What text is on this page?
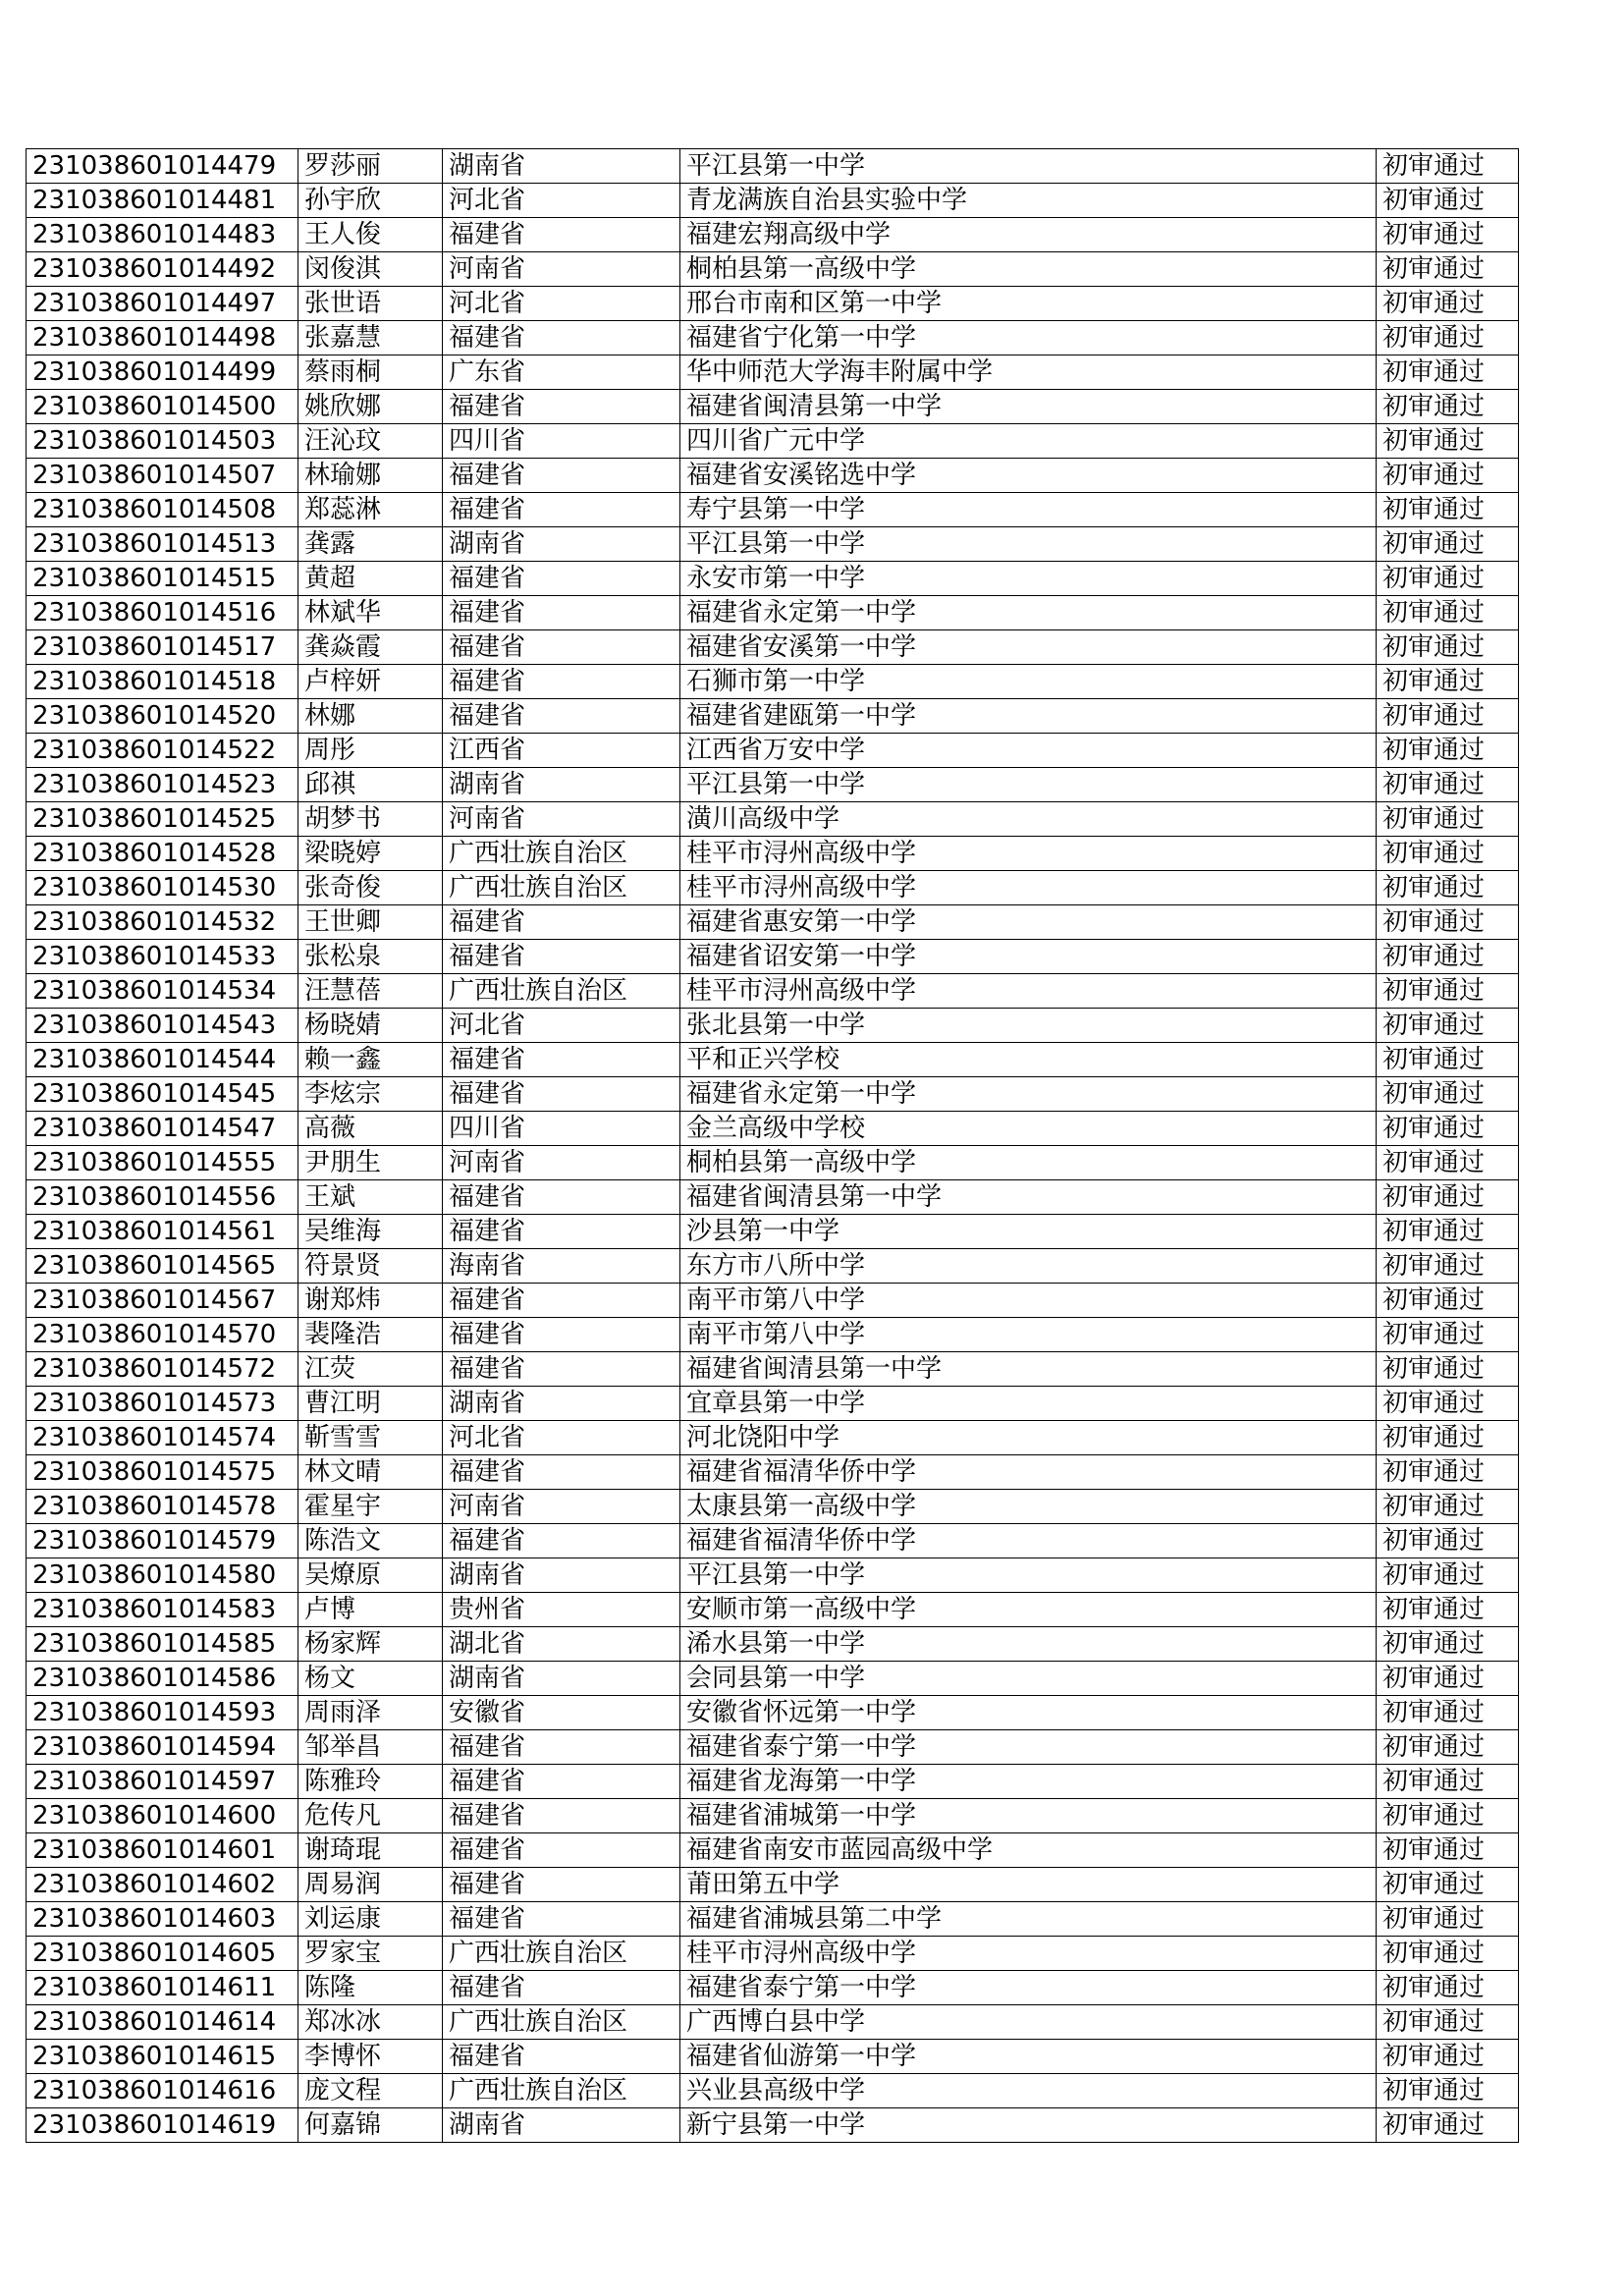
231038601014479	罗莎丽	湖南省	平江县第一中学	初审通过	
231038601014481	孙宇欣	河北省	青龙满族自治县实验中学	初审通过	
231038601014483	王人俊	福建省	福建宏翔高级中学	初审通过	
231038601014492	闵俊淇	河南省	桐柏县第一高级中学	初审通过	
231038601014497	张世语	河北省	邢台市南和区第一中学	初审通过	
231038601014498	张嘉慧	福建省	福建省宁化第一中学	初审通过	
231038601014499	蔡雨桐	广东省	华中师范大学海丰附属中学	初审通过	
231038601014500	姚欣娜	福建省	福建省闽清县第一中学	初审通过	
231038601014503	汪沁玟	四川省	四川省广元中学	初审通过	
231038601014507	林瑜娜	福建省	福建省安溪铭选中学	初审通过	
231038601014508	郑蕊淋	福建省	寿宁县第一中学	初审通过	
231038601014513	龚露	湖南省	平江县第一中学	初审通过	
231038601014515	黄超	福建省	永安市第一中学	初审通过	
231038601014516	林斌华	福建省	福建省永定第一中学	初审通过	
231038601014517	龚焱霞	福建省	福建省安溪第一中学	初审通过	
231038601014518	卢梓妍	福建省	石狮市第一中学	初审通过	
231038601014520	林娜	福建省	福建省建瓯第一中学	初审通过	
231038601014522	周彤	江西省	江西省万安中学	初审通过	
231038601014523	邱祺	湖南省	平江县第一中学	初审通过	
231038601014525	胡梦书	河南省	潢川高级中学	初审通过	
231038601014528	梁晓婷	广西壮族自治区	桂平市浔州高级中学	初审通过	
231038601014530	张奇俊	广西壮族自治区	桂平市浔州高级中学	初审通过	
231038601014532	王世卿	福建省	福建省惠安第一中学	初审通过	
231038601014533	张松泉	福建省	福建省诏安第一中学	初审通过	
231038601014534	汪慧蓓	广西壮族自治区	桂平市浔州高级中学	初审通过	
231038601014543	杨晓婧	河北省	张北县第一中学	初审通过	
231038601014544	赖一鑫	福建省	平和正兴学校	初审通过	
231038601014545	李炫宗	福建省	福建省永定第一中学	初审通过	
231038601014547	高薇	四川省	金兰高级中学校	初审通过	
231038601014555	尹朋生	河南省	桐柏县第一高级中学	初审通过	
231038601014556	王斌	福建省	福建省闽清县第一中学	初审通过	
231038601014561	吴维海	福建省	沙县第一中学	初审通过	
231038601014565	符景贤	海南省	东方市八所中学	初审通过	
231038601014567	谢郑炜	福建省	南平市第八中学	初审通过	
231038601014570	裴隆浩	福建省	南平市第八中学	初审通过	
231038601014572	江荧	福建省	福建省闽清县第一中学	初审通过	
231038601014573	曹江明	湖南省	宜章县第一中学	初审通过	
231038601014574	靳雪雪	河北省	河北饶阳中学	初审通过	
231038601014575	林文晴	福建省	福建省福清华侨中学	初审通过	
231038601014578	霍星宇	河南省	太康县第一高级中学	初审通过	
231038601014579	陈浩文	福建省	福建省福清华侨中学	初审通过	
231038601014580	吴燎原	湖南省	平江县第一中学	初审通过	
231038601014583	卢博	贵州省	安顺市第一高级中学	初审通过	
231038601014585	杨家辉	湖北省	浠水县第一中学	初审通过	
231038601014586	杨文	湖南省	会同县第一中学	初审通过	
231038601014593	周雨泽	安徽省	安徽省怀远第一中学	初审通过	
231038601014594	邹举昌	福建省	福建省泰宁第一中学	初审通过	
231038601014597	陈雅玲	福建省	福建省龙海第一中学	初审通过	
231038601014600	危传凡	福建省	福建省浦城第一中学	初审通过	
231038601014601	谢琦琨	福建省	福建省南安市蓝园高级中学	初审通过	
231038601014602	周易润	福建省	莆田第五中学	初审通过	
231038601014603	刘运康	福建省	福建省浦城县第二中学	初审通过	
231038601014605	罗家宝	广西壮族自治区	桂平市浔州高级中学	初审通过	
231038601014611	陈隆	福建省	福建省泰宁第一中学	初审通过	
231038601014614	郑冰冰	广西壮族自治区	广西博白县中学	初审通过	
231038601014615	李博怀	福建省	福建省仙游第一中学	初审通过	
231038601014616	庞文程	广西壮族自治区	兴业县高级中学	初审通过	
231038601014619	何嘉锦	湖南省	新宁县第一中学	初审通过	
